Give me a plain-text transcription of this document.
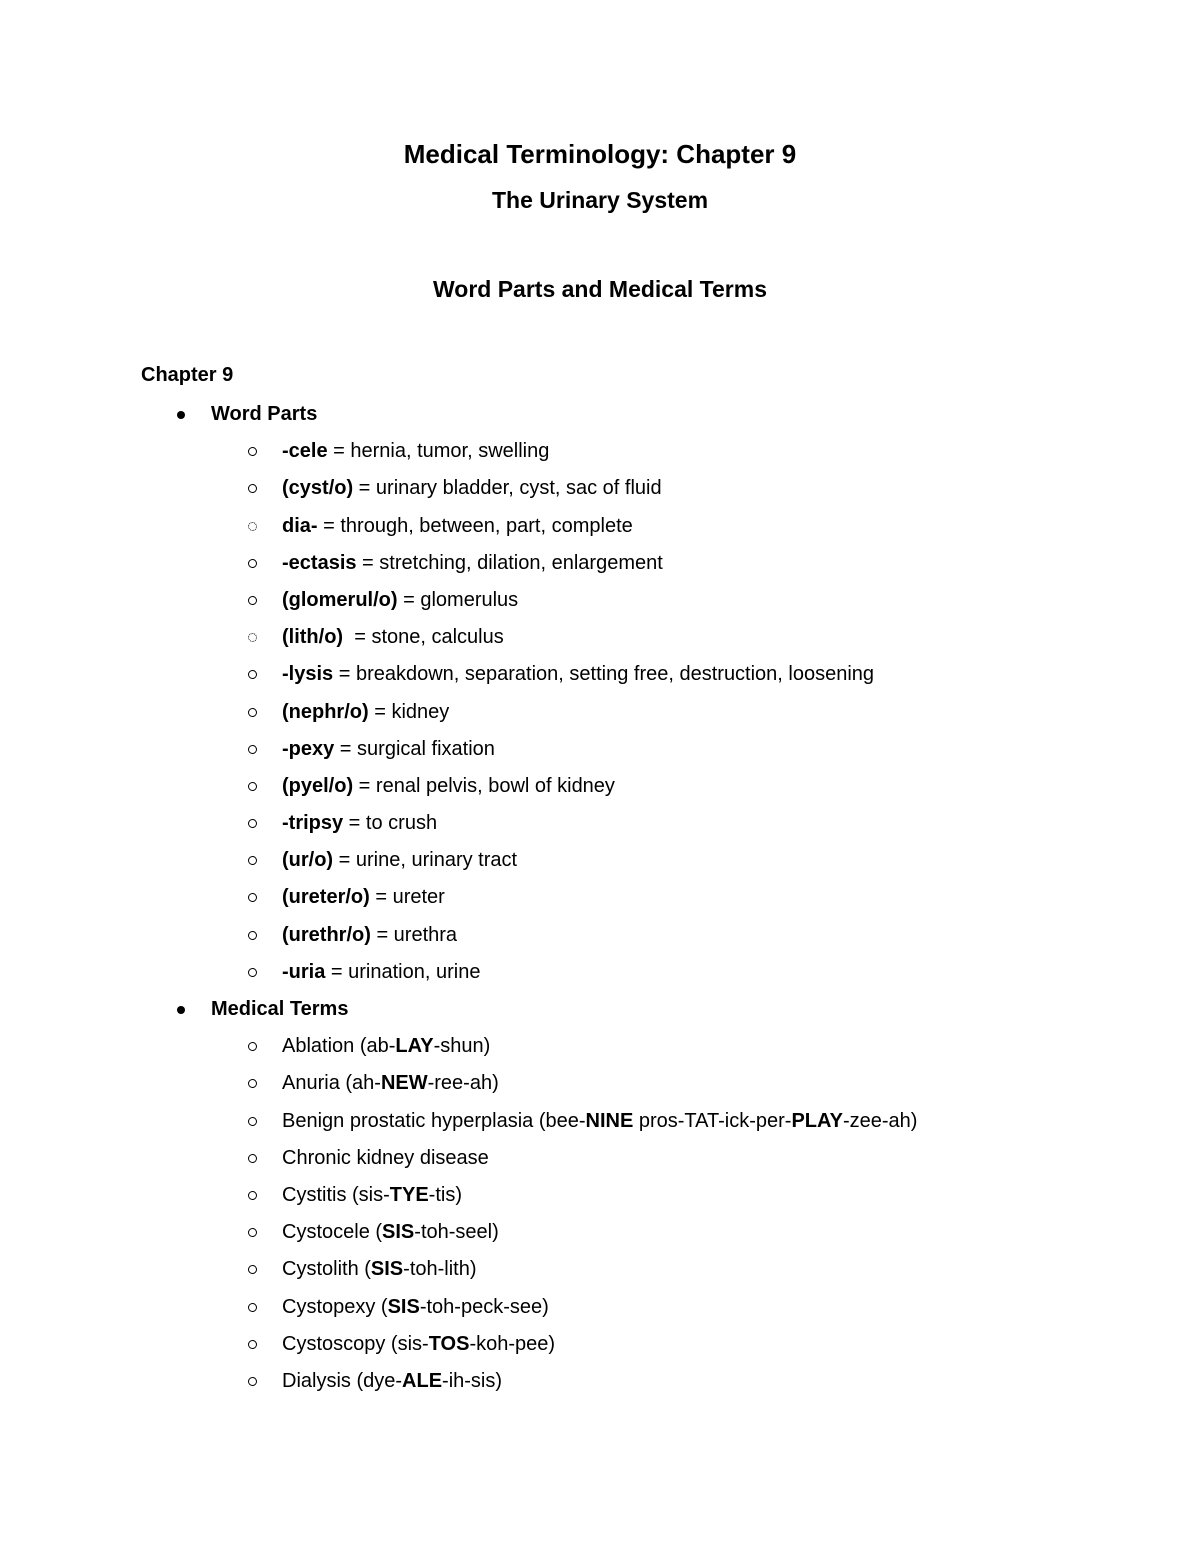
Medical Terminology: Chapter 9
The Urinary System
Word Parts and Medical Terms

Chapter 9

Word Parts
-cele = hernia, tumor, swelling
(cyst/o) = urinary bladder, cyst, sac of fluid
dia- = through, between, part, complete
-ectasis = stretching, dilation, enlargement
(glomerul/o) = glomerulus
(lith/o)  = stone, calculus
-lysis = breakdown, separation, setting free, destruction, loosening
(nephr/o) = kidney
-pexy = surgical fixation
(pyel/o) = renal pelvis, bowl of kidney
-tripsy = to crush
(ur/o) = urine, urinary tract
(ureter/o) = ureter
(urethr/o) = urethra
-uria = urination, urine
Medical Terms
Ablation (ab-LAY-shun)
Anuria (ah-NEW-ree-ah)
Benign prostatic hyperplasia (bee-NINE pros-TAT-ick-per-PLAY-zee-ah)
Chronic kidney disease
Cystitis (sis-TYE-tis)
Cystocele (SIS-toh-seel)
Cystolith (SIS-toh-lith)
Cystopexy (SIS-toh-peck-see)
Cystoscopy (sis-TOS-koh-pee)
Dialysis (dye-ALE-ih-sis)
